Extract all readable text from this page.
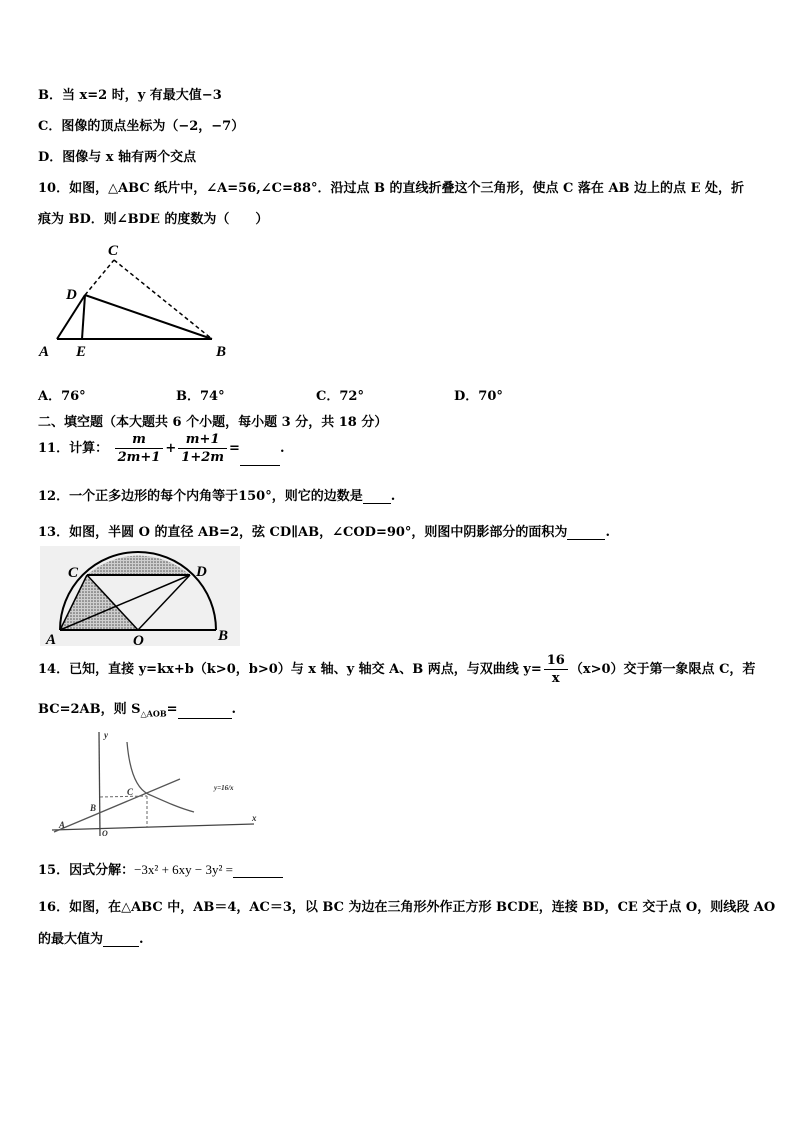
B．当 x=2 时，y 有最大值−3
C．图像的顶点坐标为（−2，−7）
D．图像与 x 轴有两个交点
10．如图，△ABC 纸片中，∠A=56,∠C=88°．沿过点 B 的直线折叠这个三角形，使点 C 落在 AB 边上的点 E 处，折
痕为 BD．则∠BDE 的度数为（　　）
C
D
A E	B
A．76°	B．74°	C．72°	D．70°
二、填空题（本大题共 6 个小题，每小题 3 分，共 18 分）
11．计算： $\frac{m}{2m+1} + \frac{m+1}{1+2m}$ =	.
12．一个正多边形的每个内角等于150°，则它的边数是 .
13．如图，半圆 O 的直径 AB=2，弦 CD∥AB，∠COD=90°，则图中阴影部分的面积为	.
C	D
A	O	B
14．已知，直接 y=kx+b（k>0，b>0）与 x 轴、y 轴交 A、B 两点，与双曲线 $y= \frac{16}{x} (x>0)$交于第一象限点 C，若
BC=2AB，则 $S_{\triangle AOB}=$	.
y
x
A
B
C
O
y=16/x
15．因式分解：−3x² + 6xy − 3y² =
16．如图，在△ABC 中，AB＝4，AC＝3，以 BC 为边在三角形外作正方形 BCDE，连接 BD，CE 交于点 O，则线段 AO
的最大值为	.
